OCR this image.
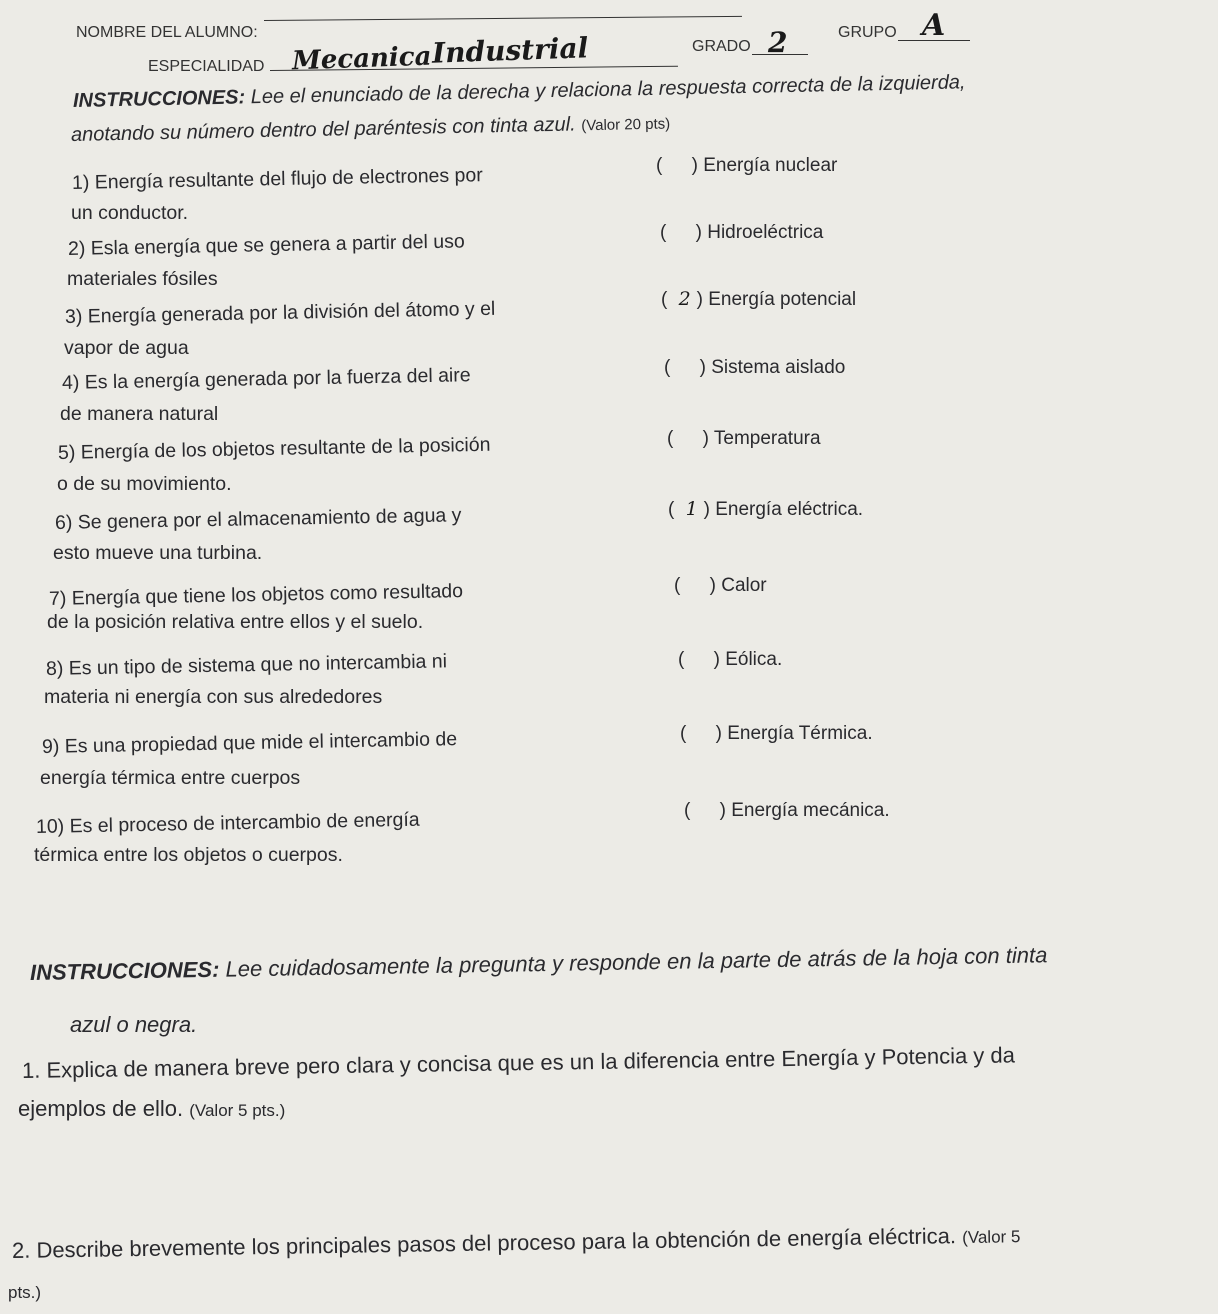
NOMBRE DEL ALUMNO:
ESPECIALIDAD Mecanica Industrial	GRADO 2	GRUPO A
INSTRUCCIONES: Lee el enunciado de la derecha y relaciona la respuesta correcta de la izquierda,
anotando su número dentro del paréntesis con tinta azul. (Valor 20 pts)
1) Energía resultante del flujo de electrones por
un conductor.
2) Esla energía que se genera a partir del uso
materiales fósiles
3) Energía generada por la división del átomo y el
vapor de agua
4) Es la energía generada por la fuerza del aire
de manera natural
5) Energía de los objetos resultante de la posición
o de su movimiento.
6) Se genera por el almacenamiento de agua y
esto mueve una turbina.
7) Energía que tiene los objetos como resultado
de la posición relativa entre ellos y el suelo.
8) Es un tipo de sistema que no intercambia ni
materia ni energía con sus alrededores
9) Es una propiedad que mide el intercambio de
energía térmica entre cuerpos
10) Es el proceso de intercambio de energía
térmica entre los objetos o cuerpos.
( ) Energía nuclear
( ) Hidroeléctrica
( 2 ) Energía potencial
( ) Sistema aislado
( ) Temperatura
( 1 ) Energía eléctrica.
( ) Calor
( ) Eólica.
( ) Energía Térmica.
( ) Energía mecánica.
INSTRUCCIONES: Lee cuidadosamente la pregunta y responde en la parte de atrás de la hoja con tinta
azul o negra.
1. Explica de manera breve pero clara y concisa que es un la diferencia entre Energía y Potencia y da
ejemplos de ello. (Valor 5 pts.)
2. Describe brevemente los principales pasos del proceso para la obtención de energía eléctrica. (Valor 5
pts.)
